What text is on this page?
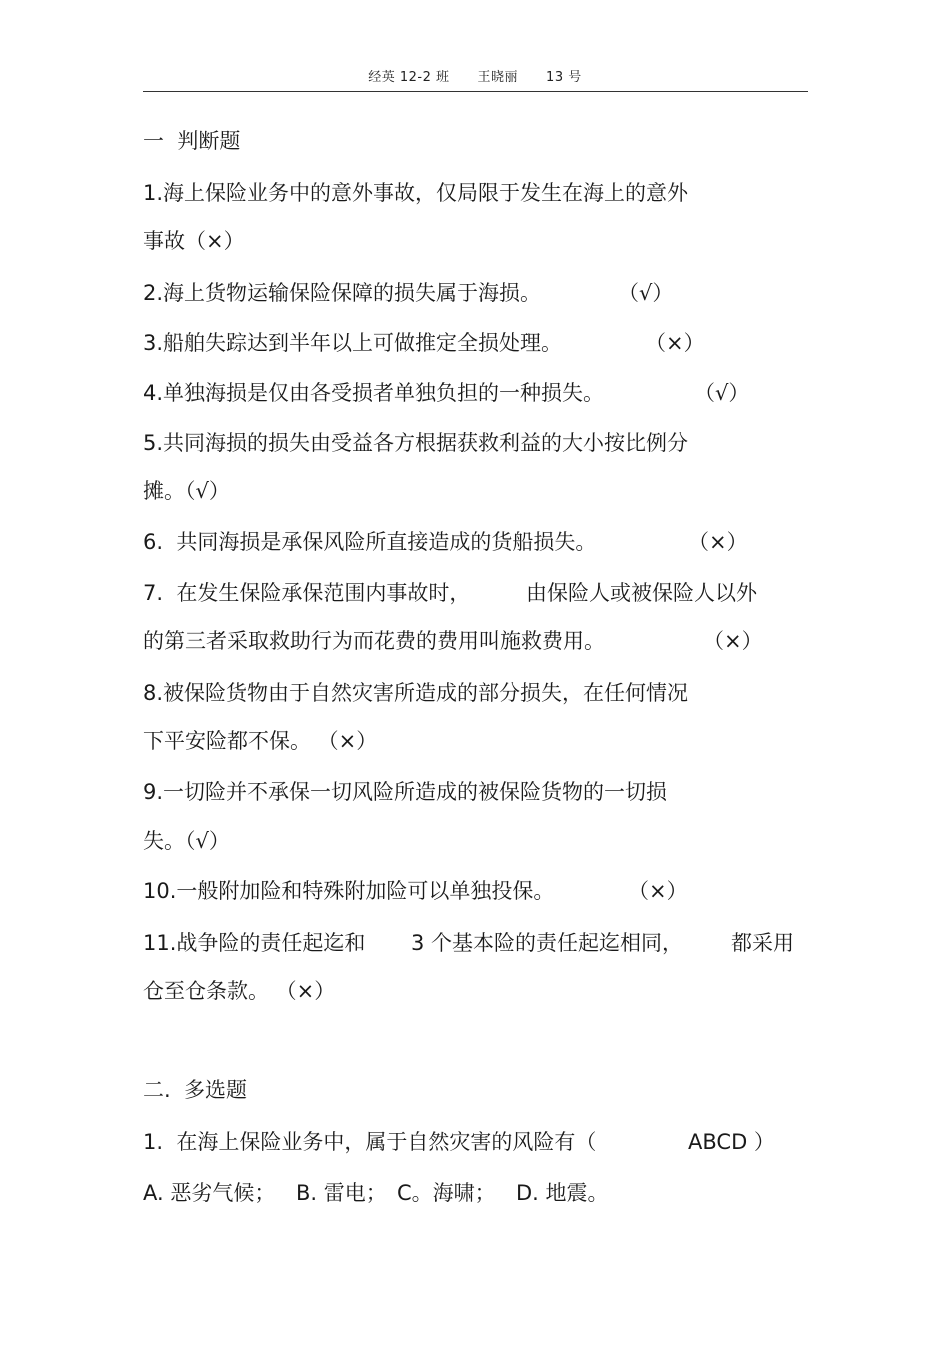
经英 12-2 班 王晓丽 13 号
一  判断题
1.海上保险业务中的意外事故，仅局限于发生在海上的意外
事故（×）
2.海上货物运输保险保障的损失属于海损。	（√）
3.船舶失踪达到半年以上可做推定全损处理。	（×）
4.单独海损是仅由各受损者单独负担的一种损失。	（√）
5.共同海损的损失由受益各方根据获救利益的大小按比例分
摊。（√）
6.  共同海损是承保风险所直接造成的货船损失。	（×）
7.  在发生保险承保范围内事故时，	由保险人或被保险人以外
的第三者采取救助行为而花费的费用叫施救费用。	（×）
8.被保险货物由于自然灾害所造成的部分损失，在任何情况
下平安险都不保。 （×）
9.一切险并不承保一切风险所造成的被保险货物的一切损
失。（√）
10.一般附加险和特殊附加险可以单独投保。	（×）
11.战争险的责任起迄和 3 个基本险的责任起迄相同， 都采用
仓至仓条款。 （×）
二.  多选题
1.  在海上保险业务中，属于自然灾害的风险有（	ABCD ）
A. 恶劣气候； B. 雷电； C。海啸； D. 地震。
